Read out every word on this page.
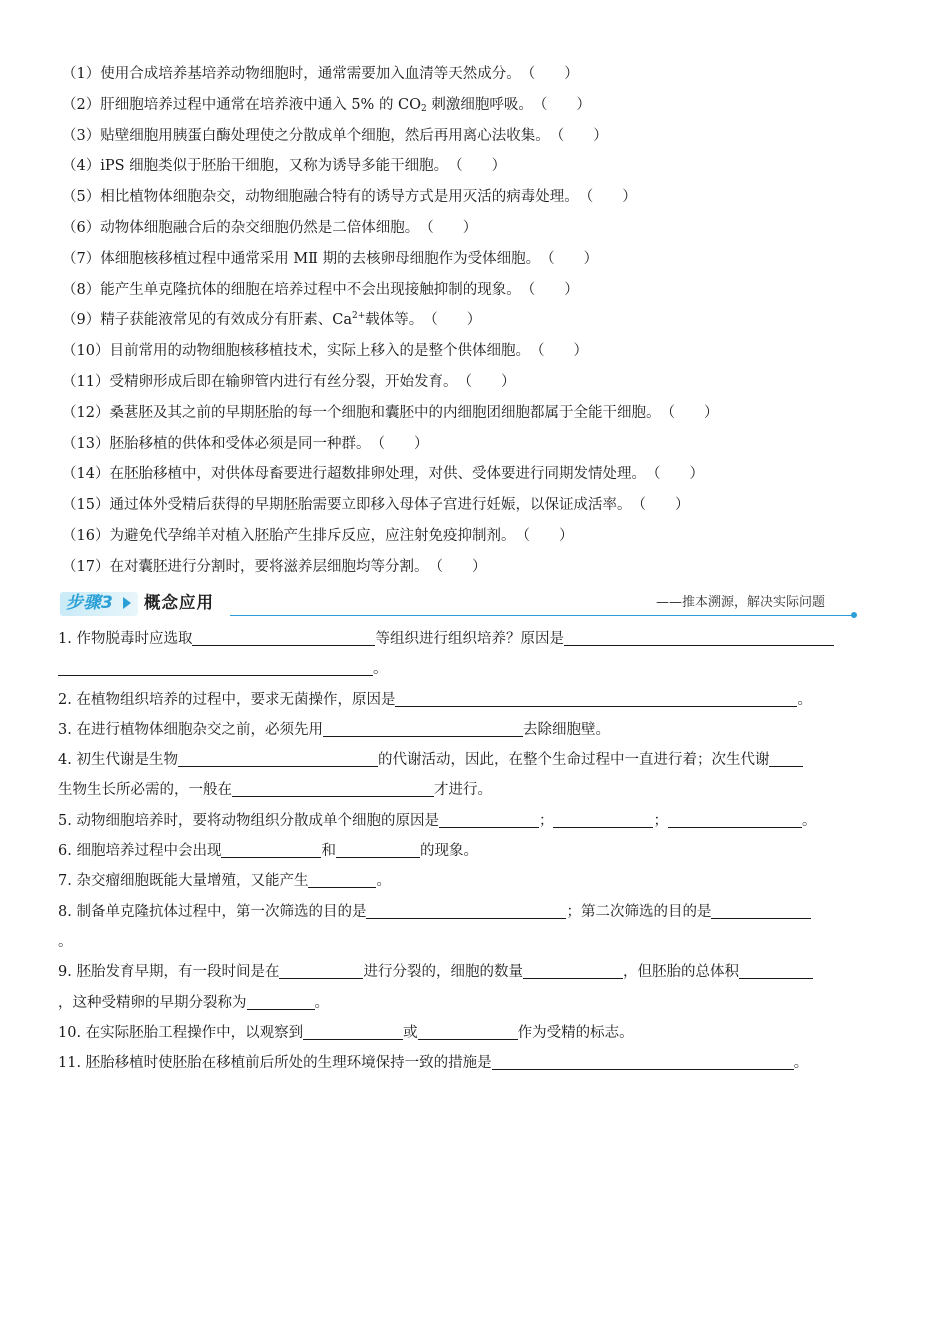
（1）使用合成培养基培养动物细胞时，通常需要加入血清等天然成分。（　　）
（2）肝细胞培养过程中通常在培养液中通入 5% 的 $CO_2$ 刺激细胞呼吸。（　　）
（3）贴壁细胞用胰蛋白酶处理使之分散成单个细胞，然后再用离心法收集。（　　）
（4）iPS 细胞类似于胚胎干细胞，又称为诱导多能干细胞。（　　）
（5）相比植物体细胞杂交，动物细胞融合特有的诱导方式是用灭活的病毒处理。（　　）
（6）动物体细胞融合后的杂交细胞仍然是二倍体细胞。（　　）
（7）体细胞核移植过程中通常采用 MⅡ 期的去核卵母细胞作为受体细胞。（　　）
（8）能产生单克隆抗体的细胞在培养过程中不会出现接触抑制的现象。（　　）
（9）精子获能液常见的有效成分有肝素、$Ca^{2+}$载体等。（　　）
（10）目前常用的动物细胞核移植技术，实际上移入的是整个供体细胞。（　　）
（11）受精卵形成后即在输卵管内进行有丝分裂，开始发育。（　　）
（12）桑葚胚及其之前的早期胚胎的每一个细胞和囊胚中的内细胞团细胞都属于全能干细胞。（　　）
（13）胚胎移植的供体和受体必须是同一种群。（　　）
（14）在胚胎移植中，对供体母畜要进行超数排卵处理，对供、受体要进行同期发情处理。（　　）
（15）通过体外受精后获得的早期胚胎需要立即移入母体子宫进行妊娠，以保证成活率。（　　）
（16）为避免代孕绵羊对植入胚胎产生排斥反应，应注射免疫抑制剂。（　　）
（17）在对囊胚进行分割时，要将滋养层细胞均等分割。（　　）
步骤3 概念应用	——推本溯源，解决实际问题
1. 作物脱毒时应选取	等组织进行组织培养？原因是
。
2. 在植物组织培养的过程中，要求无菌操作，原因是	。
3. 在进行植物体细胞杂交之前，必须先用	去除细胞壁。
4. 初生代谢是生物	的代谢活动，因此，在整个生命过程中一直进行着；次生代谢
生物生长所必需的，一般在	才进行。
5. 动物细胞培养时，要将动物组织分散成单个细胞的原因是	；	；	。
6. 细胞培养过程中会出现	和	的现象。
7. 杂交瘤细胞既能大量增殖，又能产生	。
8. 制备单克隆抗体过程中，第一次筛选的目的是	；第二次筛选的目的是
。
9. 胚胎发育早期，有一段时间是在	进行分裂的，细胞的数量	，但胚胎的总体积
，这种受精卵的早期分裂称为	。
10. 在实际胚胎工程操作中，以观察到	或	作为受精的标志。
11. 胚胎移植时使胚胎在移植前后所处的生理环境保持一致的措施是	。
